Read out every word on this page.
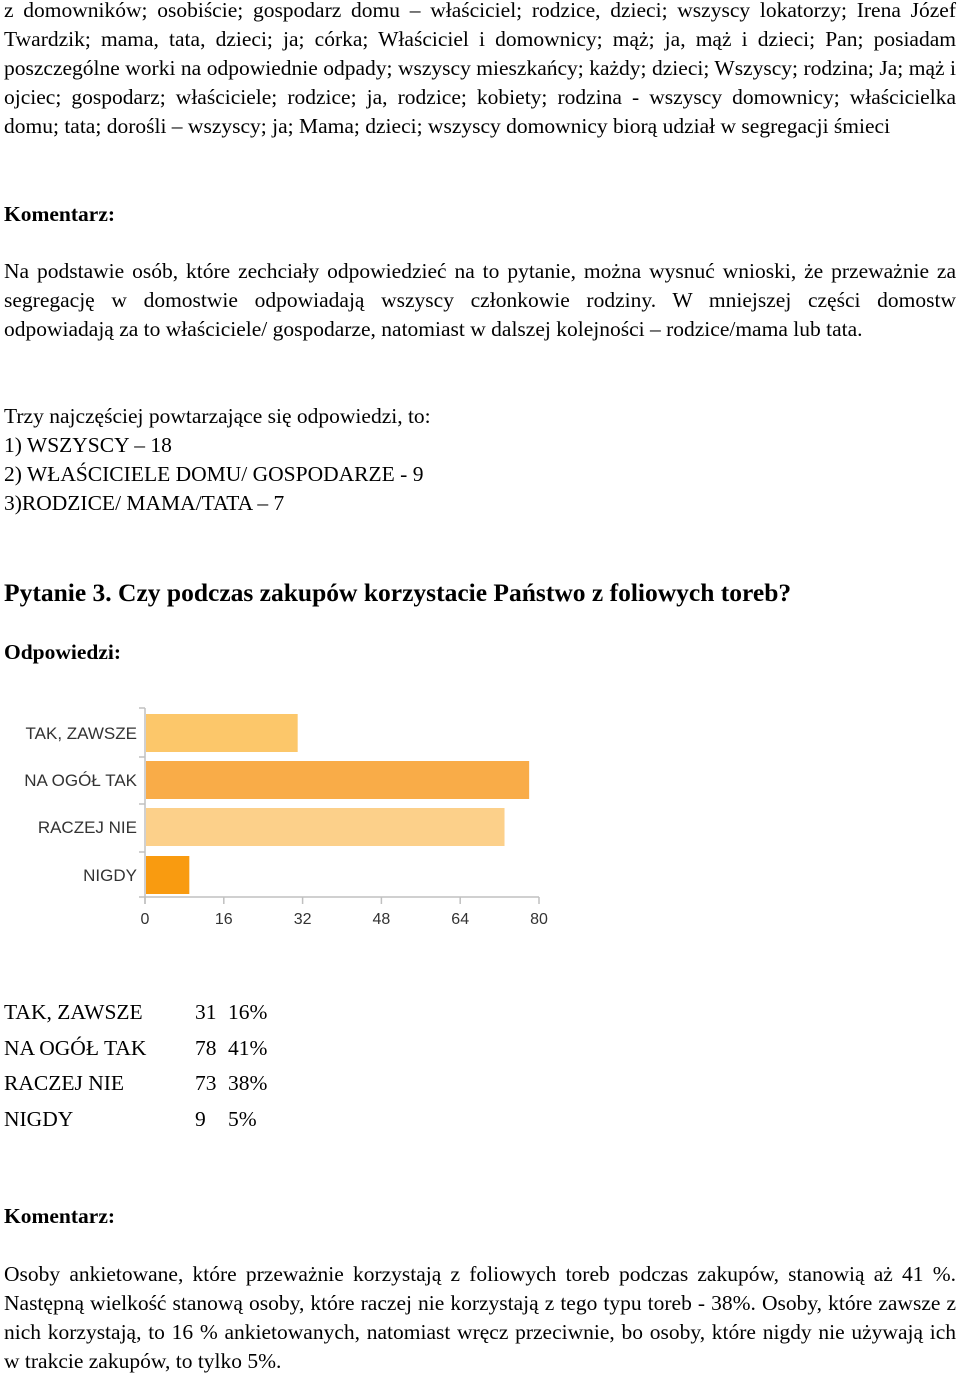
z domowników; osobiście; gospodarz domu – właściciel; rodzice, dzieci; wszyscy lokatorzy; Irena Józef Twardzik; mama, tata, dzieci; ja; córka; Właściciel i domownicy; mąż; ja, mąż i dzieci; Pan; posiadam poszczególne worki na odpowiednie odpady; wszyscy mieszkańcy; każdy; dzieci; Wszyscy; rodzina; Ja; mąż i ojciec; gospodarz; właściciele; rodzice; ja, rodzice; kobiety; rodzina - wszyscy domownicy; właścicielka domu; tata; dorośli – wszyscy; ja; Mama; dzieci; wszyscy domownicy biorą udział w segregacji śmieci

Komentarz:

Na podstawie osób, które zechciały odpowiedzieć na to pytanie, można wysnuć wnioski, że przeważnie za segregację w domostwie odpowiadają wszyscy członkowie rodziny. W mniejszej części domostw odpowiadają za to właściciele/ gospodarze, natomiast w dalszej kolejności – rodzice/mama lub tata.

Trzy najczęściej powtarzające się odpowiedzi, to:

1) WSZYSCY – 18

2) WŁAŚCICIELE DOMU/ GOSPODARZE - 9

3)RODZICE/ MAMA/TATA – 7

Pytanie 3. Czy podczas zakupów korzystacie Państwo z foliowych toreb?

Odpowiedzi:

TAK, ZAWSZE
NA OGÓŁ TAK
RACZEJ NIE
NIGDY
0	16	32	48	64	80
TAK, ZAWSZE	31	16%
NA OGÓŁ TAK	78	41%
RACZEJ NIE	73	38%
NIGDY	9	5%

Komentarz:

Osoby ankietowane, które przeważnie korzystają z foliowych toreb podczas zakupów, stanowią aż 41 %. Następną wielkość stanową osoby, które raczej nie korzystają z tego typu toreb - 38%. Osoby, które zawsze z nich korzystają, to 16 % ankietowanych, natomiast wręcz przeciwnie, bo osoby, które nigdy nie używają ich w trakcie zakupów, to tylko 5%.
